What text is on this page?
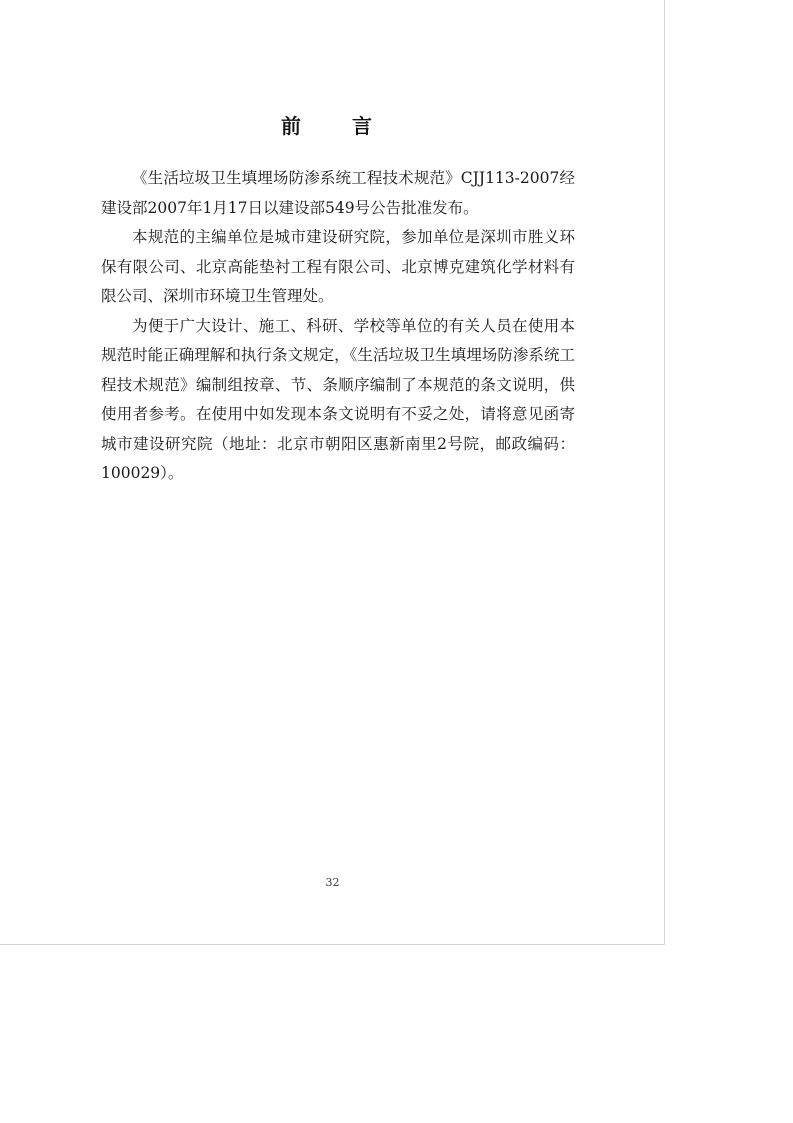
前 言

《生活垃圾卫生填埋场防渗系统工程技术规范》CJJ113-2007经建设部2007年1月17日以建设部549号公告批准发布。

本规范的主编单位是城市建设研究院，参加单位是深圳市胜义环保有限公司、北京高能垫衬工程有限公司、北京博克建筑化学材料有限公司、深圳市环境卫生管理处。

为便于广大设计、施工、科研、学校等单位的有关人员在使用本规范时能正确理解和执行条文规定，《生活垃圾卫生填埋场防渗系统工程技术规范》编制组按章、节、条顺序编制了本规范的条文说明，供使用者参考。在使用中如发现本条文说明有不妥之处，请将意见函寄城市建设研究院（地址：北京市朝阳区惠新南里2号院，邮政编码：100029）。

32
